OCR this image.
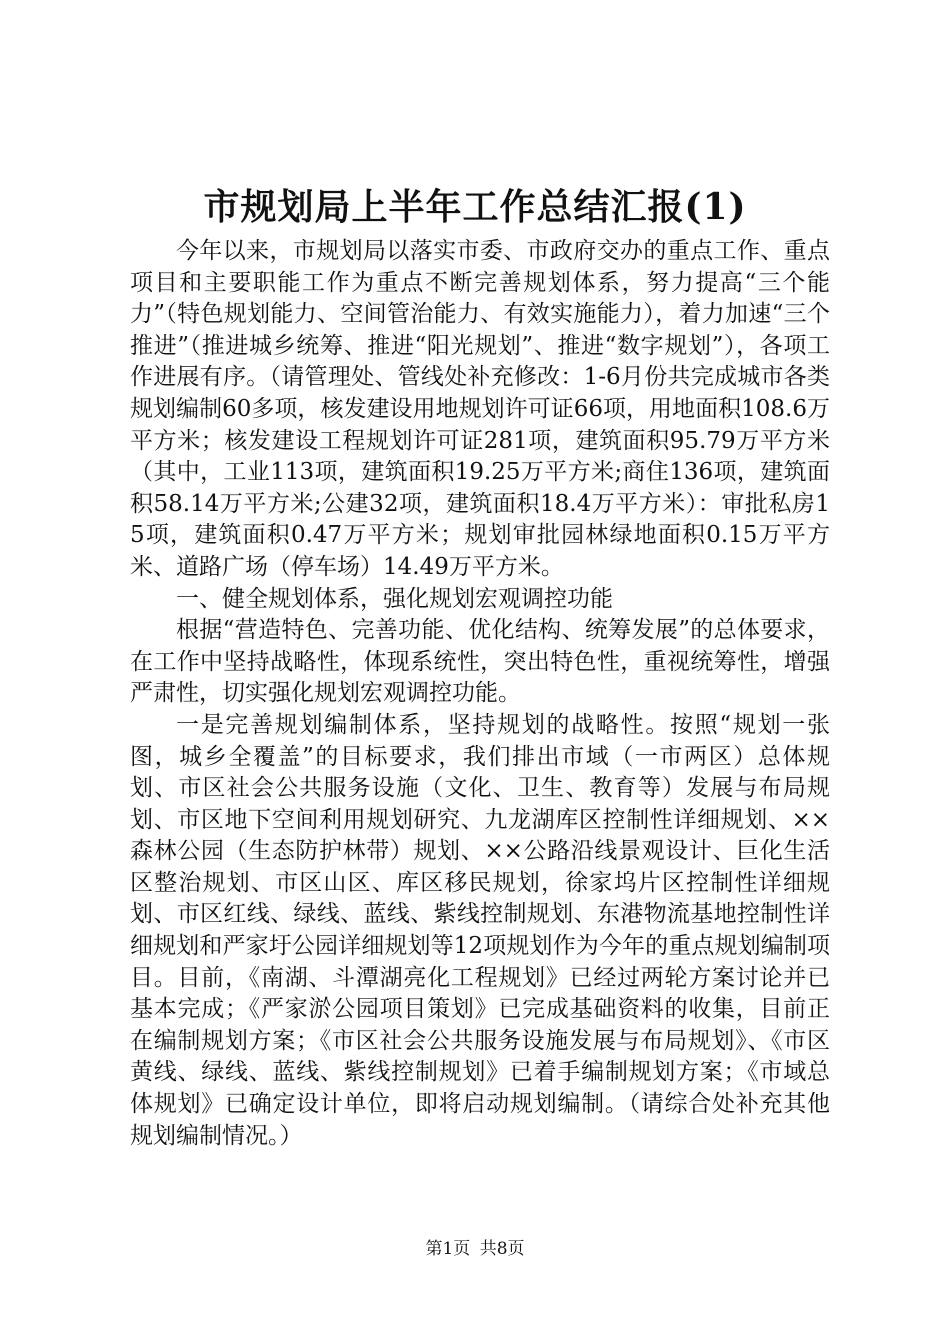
市规划局上半年工作总结汇报(1)

今年以来，市规划局以落实市委、市政府交办的重点工作、重点项目和主要职能工作为重点不断完善规划体系，努力提高“三个能力”（特色规划能力、空间管治能力、有效实施能力），着力加速“三个推进”（推进城乡统筹、推进“阳光规划”、推进“数字规划”），各项工作进展有序。（请管理处、管线处补充修改：1-6月份共完成城市各类规划编制60多项，核发建设用地规划许可证66项，用地面积108.6万平方米；核发建设工程规划许可证281项，建筑面积95.79万平方米（其中，工业113项，建筑面积19.25万平方米;商住136项，建筑面积58.14万平方米;公建32项，建筑面积18.4万平方米）：审批私房15项，建筑面积0.47万平方米；规划审批园林绿地面积0.15万平方米、道路广场（停车场）14.49万平方米。

一、健全规划体系，强化规划宏观调控功能

根据“营造特色、完善功能、优化结构、统筹发展”的总体要求，在工作中坚持战略性，体现系统性，突出特色性，重视统筹性，增强严肃性，切实强化规划宏观调控功能。

一是完善规划编制体系，坚持规划的战略性。按照“规划一张图，城乡全覆盖”的目标要求，我们排出市域（一市两区）总体规划、市区社会公共服务设施（文化、卫生、教育等）发展与布局规划、市区地下空间利用规划研究、九龙湖库区控制性详细规划、××森林公园（生态防护林带）规划、××公路沿线景观设计、巨化生活区整治规划、市区山区、库区移民规划，徐家坞片区控制性详细规划、市区红线、绿线、蓝线、紫线控制规划、东港物流基地控制性详细规划和严家圩公园详细规划等12项规划作为今年的重点规划编制项目。目前，《南湖、斗潭湖亮化工程规划》已经过两轮方案讨论并已基本完成；《严家淤公园项目策划》已完成基础资料的收集，目前正在编制规划方案；《市区社会公共服务设施发展与布局规划》、《市区黄线、绿线、蓝线、紫线控制规划》已着手编制规划方案；《市域总体规划》已确定设计单位，即将启动规划编制。（请综合处补充其他规划编制情况。）

第1页 共8页
